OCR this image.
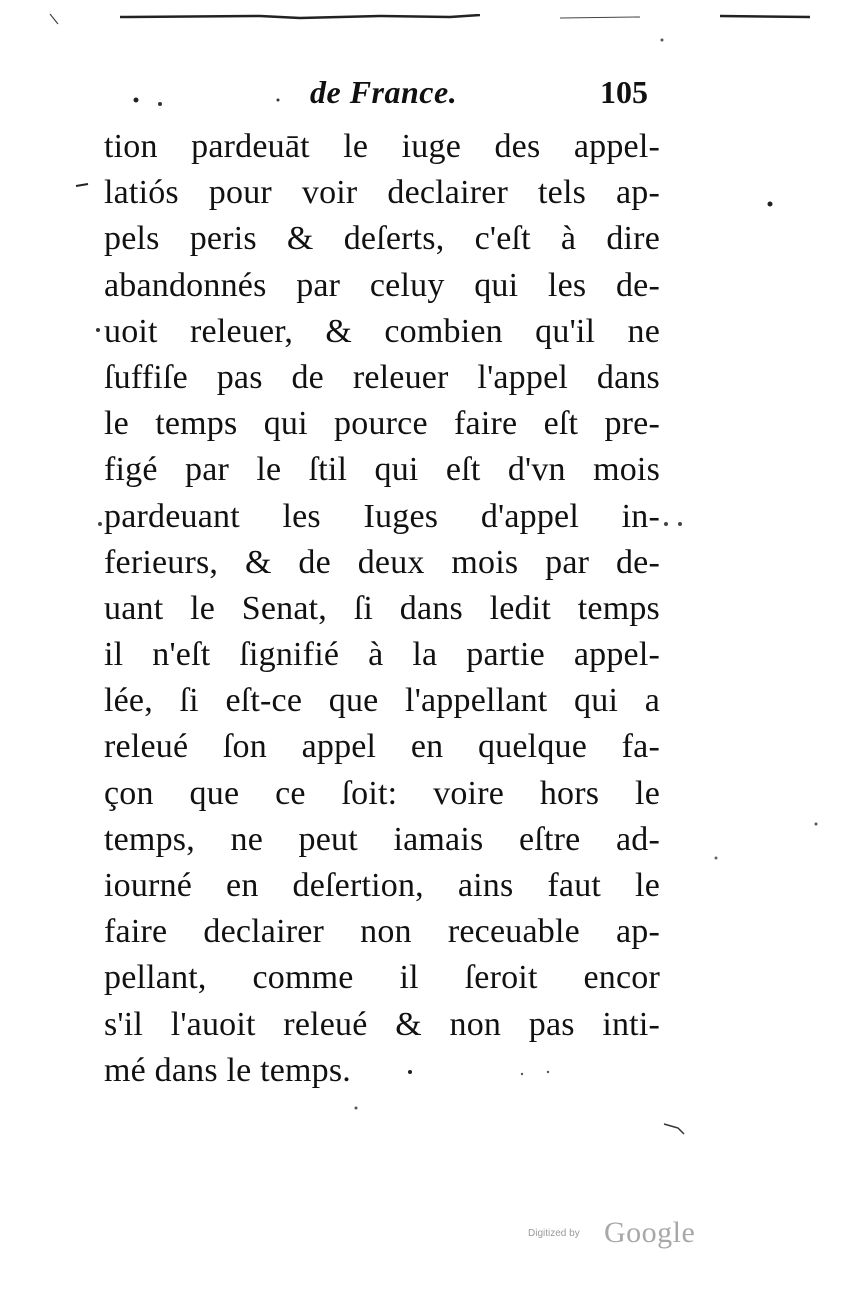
de France.	105
tion pardeuāt le iuge des appel-
latiós pour voir declairer tels ap-
pels peris & deſerts, c'eſt à dire
abandonnés par celuy qui les de-
uoit releuer, & combien qu'il ne
ſuffiſe pas de releuer l'appel dans
le temps qui pource faire eſt pre-
figé par le ſtil qui eſt d'vn mois
pardeuant les Iuges d'appel in-
ferieurs, & de deux mois par de-
uant le Senat, ſi dans ledit temps
il n'eſt ſignifié à la partie appel-
lée, ſi eſt-ce que l'appellant qui a
releué ſon appel en quelque fa-
çon que ce ſoit: voire hors le
temps, ne peut iamais eſtre ad-
iourné en deſertion, ains faut le
faire declairer non receuable ap-
pellant, comme il ſeroit encor
s'il l'auoit releué & non pas inti-
mé dans le temps.
Digitized by Google
